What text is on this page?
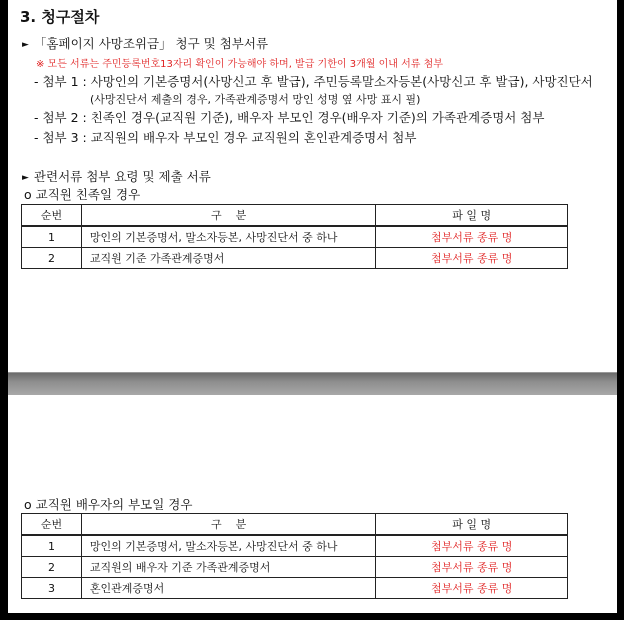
3. 청구절차
► 「홈페이지 사망조위금」 청구 및 첨부서류
※ 모든 서류는 주민등록번호13자리 확인이 가능해야 하며, 발급 기한이 3개월 이내 서류 첨부
- 첨부 1 : 사망인의 기본증명서(사망신고 후 발급), 주민등록말소자등본(사망신고 후 발급), 사망진단서
(사망진단서 제출의 경우, 가족관계증명서 망인 성명 옆 사망 표시 필)
- 첨부 2 : 친족인 경우(교직원 기준), 배우자 부모인 경우(배우자 기준)의 가족관계증명서 첨부
- 첨부 3 : 교직원의 배우자 부모인 경우 교직원의 혼인관계증명서 첨부
► 관련서류 첨부 요령 및 제출 서류
o 교직원 친족일 경우
순번	구    분	파 일 명
1	망인의 기본증명서, 말소자등본, 사망진단서 중 하나	첨부서류 종류 명
2	교직원 기준 가족관계증명서	첨부서류 종류 명
o 교직원 배우자의 부모일 경우
순번	구    분	파 일 명
1	망인의 기본증명서, 말소자등본, 사망진단서 중 하나	첨부서류 종류 명
2	교직원의 배우자 기준 가족관계증명서	첨부서류 종류 명
3	혼인관계증명서	첨부서류 종류 명
